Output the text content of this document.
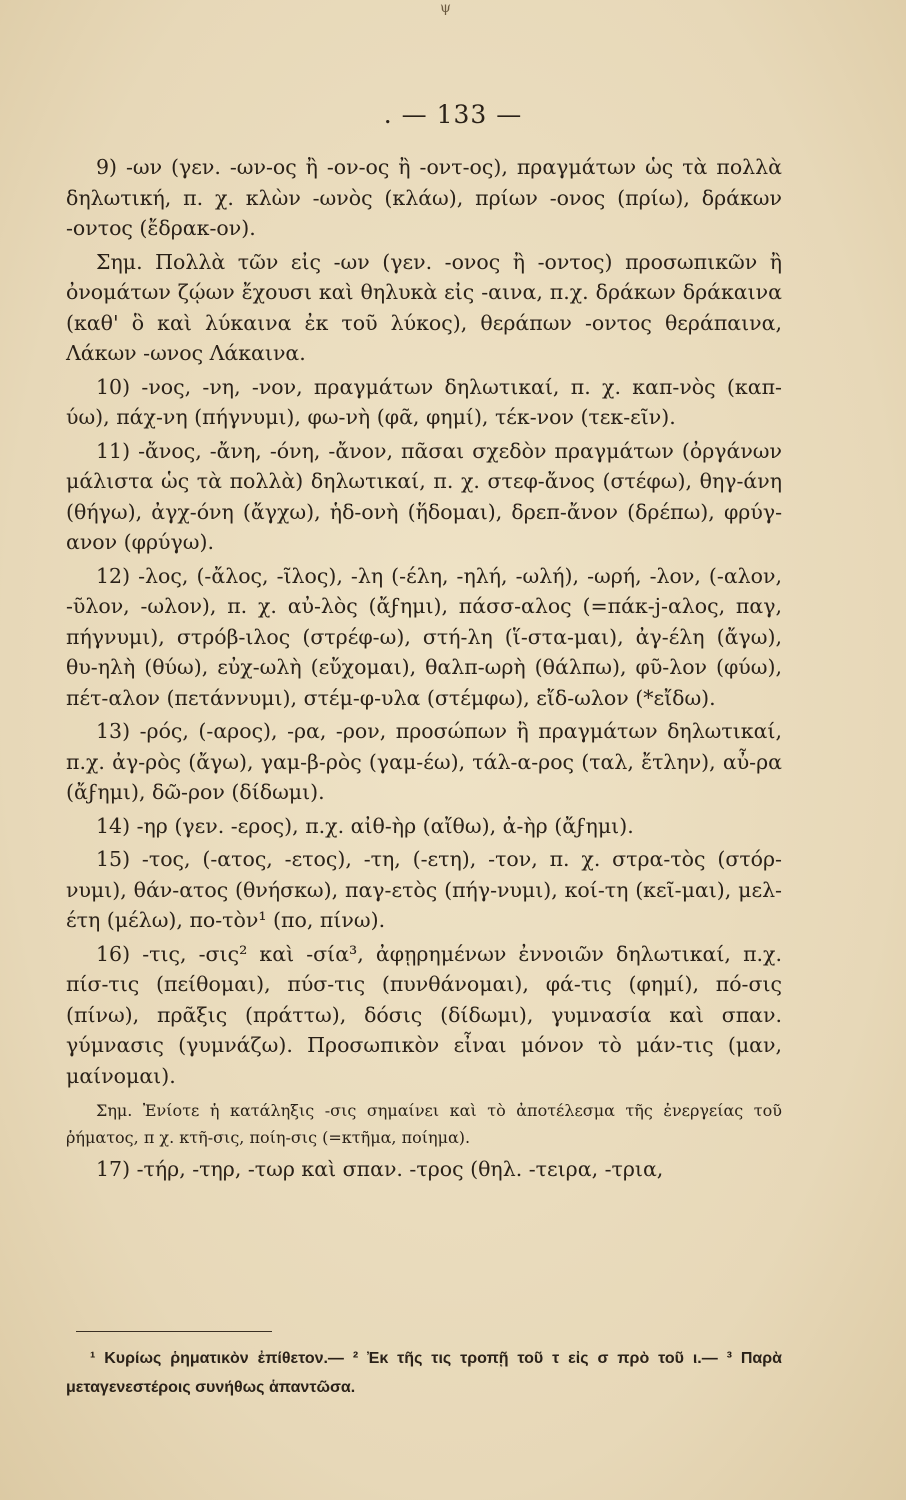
ψ
. — 133 —

9) -ων (γεν. -ων-ος ἢ -ον-ος ἢ -οντ-ος), πραγμάτων ὡς τὰ πολλὰ δηλωτική, π. χ. κλὼν -ωνὸς (κλάω), πρίων -ονος (πρίω), δράκων -οντος (ἔδρακ-ον).

Σημ. Πολλὰ τῶν εἰς -ων (γεν. -ονος ἢ -οντος) προσωπικῶν ἢ ὀνομάτων ζῴων ἔχουσι καὶ θηλυκὰ εἰς -αινα, π.χ. δράκων δράκαινα (καθ' ὃ καὶ λύκαινα ἐκ τοῦ λύκος), θεράπων -οντος θεράπαινα, Λάκων -ωνος Λάκαινα.

10) -νος, -νη, -νον, πραγμάτων δηλωτικαί, π. χ. καπ-νὸς (καπ-ύω), πάχ-νη (πήγνυμι), φω-νὴ (φᾶ, φημί), τέκ-νον (τεκ-εῖν).

11) -ἄνος, -ἄνη, -όνη, -ἄνον, πᾶσαι σχεδὸν πραγμάτων (ὀργάνων μάλιστα ὡς τὰ πολλὰ) δηλωτικαί, π. χ. στεφ-ἄνος (στέφω), θηγ-άνη (θήγω), ἀγχ-όνη (ἄγχω), ἡδ-ονὴ (ἥδομαι), δρεπ-ἄνον (δρέπω), φρύγ-ανον (φρύγω).

12) -λος, (-ἄλος, -ῖλος), -λη (-έλη, -ηλή, -ωλή), -ωρή, -λον, (-αλον, -ῦλον, -ωλον), π. χ. αὐ-λὸς (ἄϝημι), πάσσ-αλος (=πάκ-j-αλος, παγ, πήγνυμι), στρόβ-ιλος (στρέφ-ω), στή-λη (ἵ-στα-μαι), ἀγ-έλη (ἄγω), θυ-ηλὴ (θύω), εὐχ-ωλὴ (εὔχομαι), θαλπ-ωρὴ (θάλπω), φῦ-λον (φύω), πέτ-αλον (πετάννυμι), στέμ-φ-υλα (στέμφω), εἴδ-ωλον (*εἴδω).

13) -ρός, (-αρος), -ρα, -ρον, προσώπων ἢ πραγμάτων δηλωτικαί, π.χ. ἀγ-ρὸς (ἄγω), γαμ-β-ρὸς (γαμ-έω), τάλ-α-ρος (ταλ, ἔτλην), αὖ-ρα (ἄϝημι), δῶ-ρον (δίδωμι).

14) -ηρ (γεν. -ερος), π.χ. αἰθ-ὴρ (αἴθω), ἀ-ὴρ (ἄϝημι).

15) -τος, (-ατος, -ετος), -τη, (-ετη), -τον, π. χ. στρα-τὸς (στόρ-νυμι), θάν-ατος (θνήσκω), παγ-ετὸς (πήγ-νυμι), κοί-τη (κεῖ-μαι), μελ-έτη (μέλω), πο-τὸν¹ (πο, πίνω).

16) -τις, -σις² καὶ -σία³, ἀφῃρημένων ἐννοιῶν δηλωτικαί, π.χ. πίσ-τις (πείθομαι), πύσ-τις (πυνθάνομαι), φά-τις (φημί), πό-σις (πίνω), πρᾶξις (πράττω), δόσις (δίδωμι), γυμνασία καὶ σπαν. γύμνασις (γυμνάζω). Προσωπικὸν εἶναι μόνον τὸ μάν-τις (μαν, μαίνομαι).

Σημ. Ἐνίοτε ἡ κατάληξις -σις σημαίνει καὶ τὸ ἀποτέλεσμα τῆς ἐνεργείας τοῦ ῥήματος, π χ. κτῆ-σις, ποίη-σις (=κτῆμα, ποίημα).

17) -τήρ, -τηρ, -τωρ καὶ σπαν. -τρος (θηλ. -τειρα, -τρια,

¹ Κυρίως ῥηματικὸν ἐπίθετον.— ² Ἐκ τῆς τις τροπῇ τοῦ τ εἰς σ πρὸ τοῦ ι.— ³ Παρὰ μεταγενεστέροις συνήθως ἁπαντῶσα.
